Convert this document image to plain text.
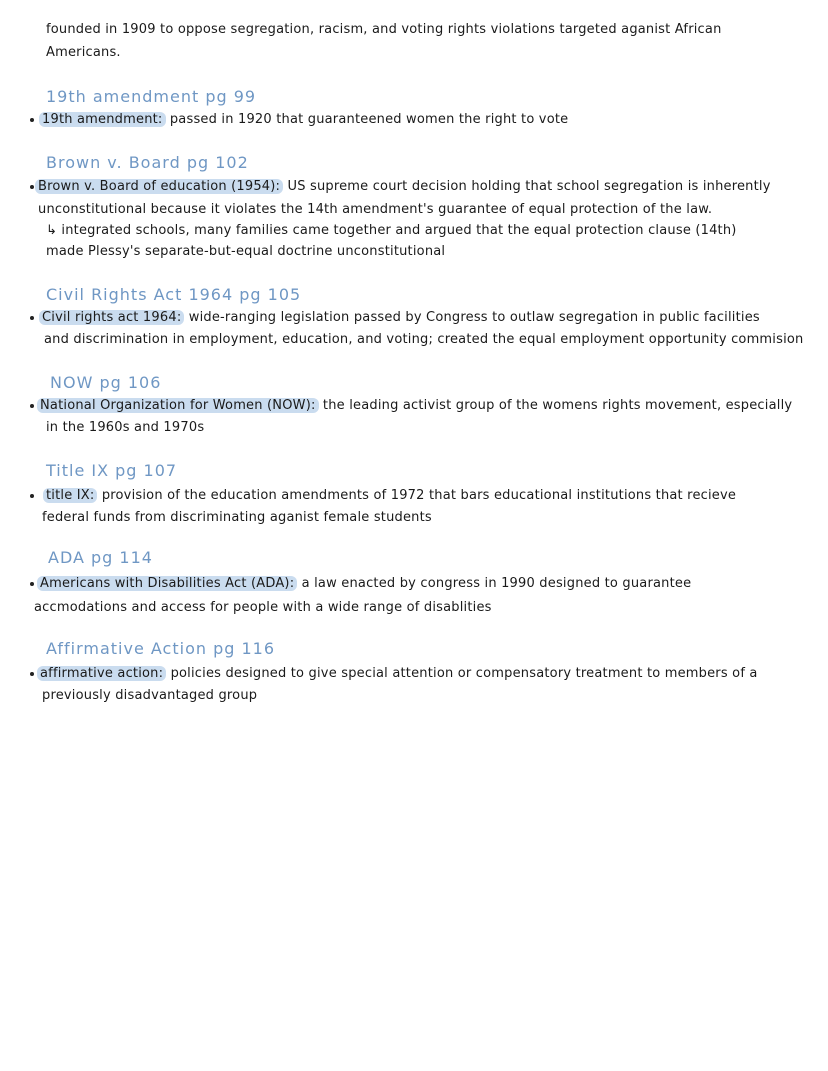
founded in 1909 to oppose segregation, racism, and voting rights violations targeted aganist African
Americans.
19th amendment pg 99
19th amendment: passed in 1920 that guaranteened women the right to vote
Brown v. Board pg 102
Brown v. Board of education (1954): US supreme court decision holding that school segregation is inherently
unconstitutional because it violates the 14th amendment's guarantee of equal protection of the law.
↳ integrated schools, many families came together and argued that the equal protection clause (14th)
made Plessy's separate-but-equal doctrine unconstitutional
Civil Rights Act 1964 pg 105
Civil rights act 1964: wide-ranging legislation passed by Congress to outlaw segregation in public facilities
and discrimination in employment, education, and voting; created the equal employment opportunity commision
NOW pg 106
National Organization for Women (NOW): the leading activist group of the womens rights movement, especially
in the 1960s and 1970s
Title IX pg 107
title IX: provision of the education amendments of 1972 that bars educational institutions that recieve
federal funds from discriminating aganist female students
ADA pg 114
Americans with Disabilities Act (ADA): a law enacted by congress in 1990 designed to guarantee
accmodations and access for people with a wide range of disablities
Affirmative Action pg 116
affirmative action: policies designed to give special attention or compensatory treatment to members of a
previously disadvantaged group
